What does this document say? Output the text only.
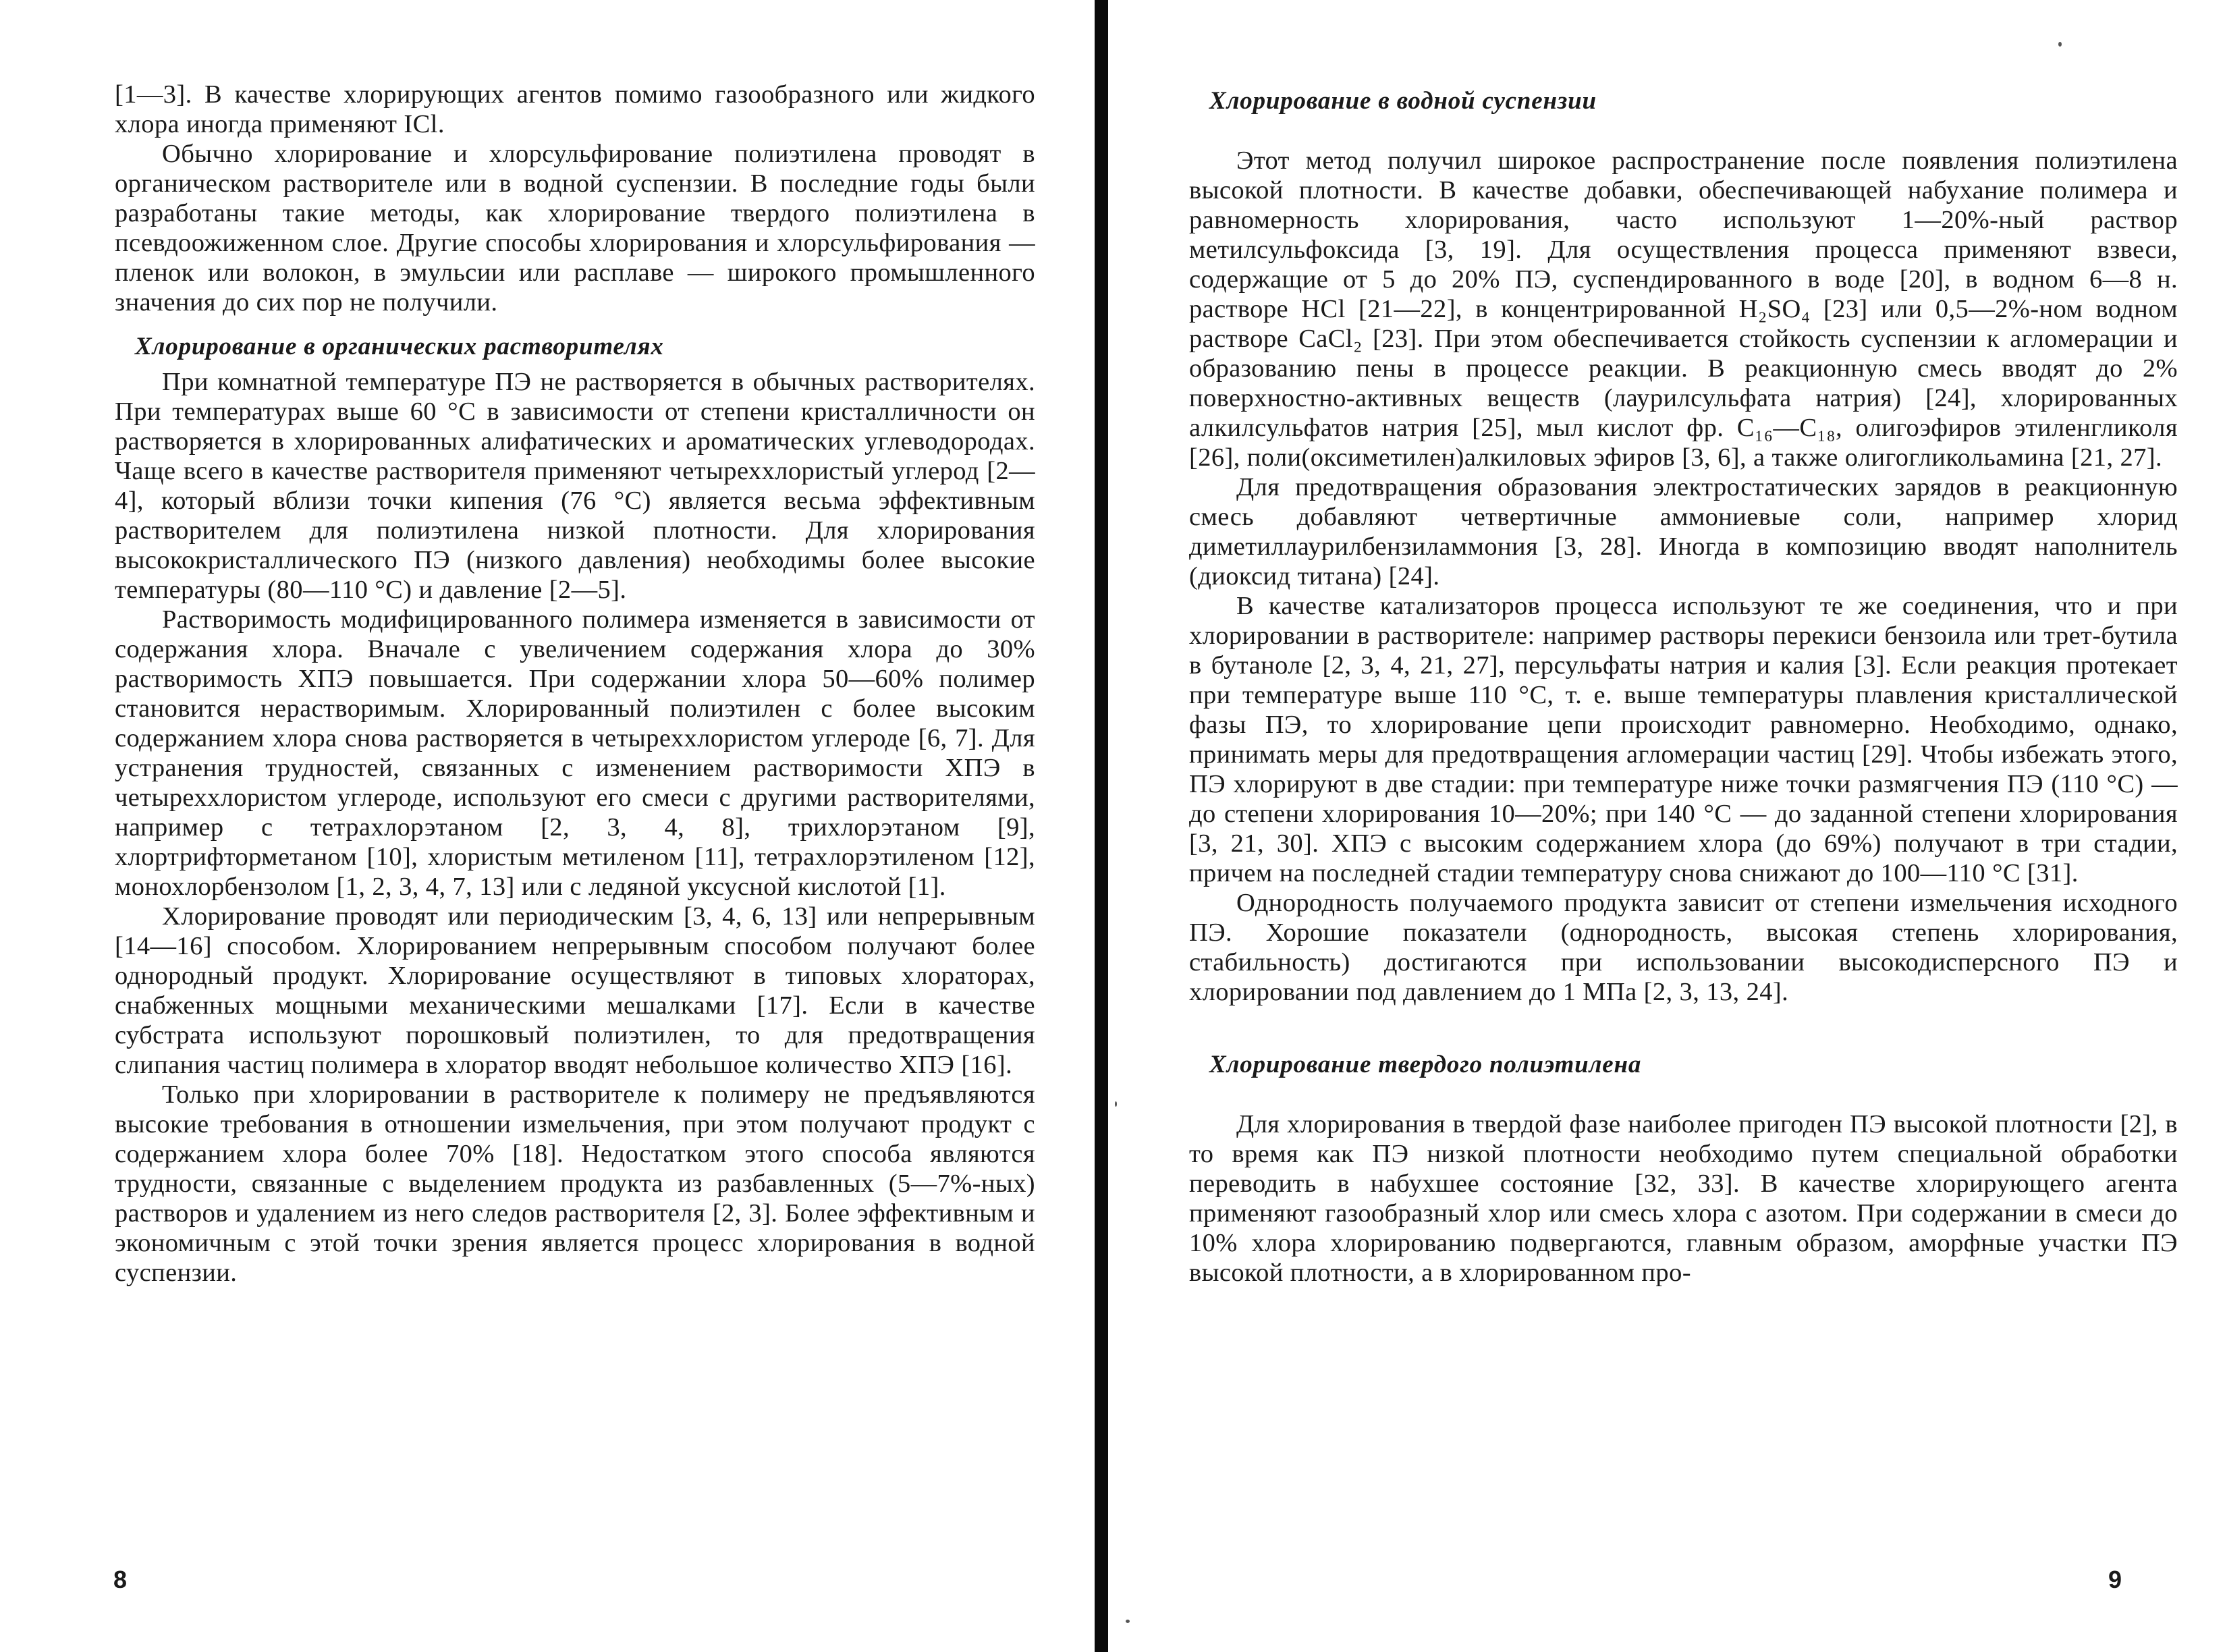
[1—3]. В качестве хлорирующих агентов помимо газообразного или жидкого хлора иногда применяют ICl.

Обычно хлорирование и хлорсульфирование полиэтилена проводят в органическом растворителе или в водной суспензии. В последние годы были разработаны такие методы, как хлорирование твердого полиэтилена в псевдоожиженном слое. Другие способы хлорирования и хлорсульфирования — пленок или волокон, в эмульсии или расплаве — широкого промышленного значения до сих пор не получили.

Хлорирование в органических растворителях

При комнатной температуре ПЭ не растворяется в обычных растворителях. При температурах выше 60 °C в зависимости от степени кристалличности он растворяется в хлорированных алифатических и ароматических углеводородах. Чаще всего в качестве растворителя применяют четыреххлористый углерод [2—4], который вблизи точки кипения (76 °C) является весьма эффективным растворителем для полиэтилена низкой плотности. Для хлорирования высококристаллического ПЭ (низкого давления) необходимы более высокие температуры (80—110 °C) и давление [2—5].

Растворимость модифицированного полимера изменяется в зависимости от содержания хлора. Вначале с увеличением содержания хлора до 30% растворимость ХПЭ повышается. При содержании хлора 50—60% полимер становится нерастворимым. Хлорированный полиэтилен с более высоким содержанием хлора снова растворяется в четыреххлористом углероде [6, 7]. Для устранения трудностей, связанных с изменением растворимости ХПЭ в четыреххлористом углероде, используют его смеси с другими растворителями, например с тетрахлорэтаном [2, 3, 4, 8], трихлорэтаном [9], хлортрифторметаном [10], хлористым метиленом [11], тетрахлорэтиленом [12], монохлорбензолом [1, 2, 3, 4, 7, 13] или с ледяной уксусной кислотой [1].

Хлорирование проводят или периодическим [3, 4, 6, 13] или непрерывным [14—16] способом. Хлорированием непрерывным способом получают более однородный продукт. Хлорирование осуществляют в типовых хлораторах, снабженных мощными механическими мешалками [17]. Если в качестве субстрата используют порошковый полиэтилен, то для предотвращения слипания частиц полимера в хлоратор вводят небольшое количество ХПЭ [16].

Только при хлорировании в растворителе к полимеру не предъявляются высокие требования в отношении измельчения, при этом получают продукт с содержанием хлора более 70% [18]. Недостатком этого способа являются трудности, связанные с выделением продукта из разбавленных (5—7%-ных) растворов и удалением из него следов растворителя [2, 3]. Более эффективным и экономичным с этой точки зрения является процесс хлорирования в водной суспензии.

8
Хлорирование в водной суспензии

Этот метод получил широкое распространение после появления полиэтилена высокой плотности. В качестве добавки, обеспечивающей набухание полимера и равномерность хлорирования, часто используют 1—20%-ный раствор метилсульфоксида [3, 19]. Для осуществления процесса применяют взвеси, содержащие от 5 до 20% ПЭ, суспендированного в воде [20], в водном 6—8 н. растворе HCl [21—22], в концентрированной H₂SO₄ [23] или 0,5—2%-ном водном растворе CaCl₂ [23]. При этом обеспечивается стойкость суспензии к агломерации и образованию пены в процессе реакции. В реакционную смесь вводят до 2% поверхностно-активных веществ (лаурилсульфата натрия) [24], хлорированных алкилсульфатов натрия [25], мыл кислот фр. C₁₆—C₁₈, олигоэфиров этиленгликоля [26], поли(оксиметилен)алкиловых эфиров [3, 6], а также олигогликольамина [21, 27].

Для предотвращения образования электростатических зарядов в реакционную смесь добавляют четвертичные аммониевые соли, например хлорид диметиллаурилбензиламмония [3, 28]. Иногда в композицию вводят наполнитель (диоксид титана) [24].

В качестве катализаторов процесса используют те же соединения, что и при хлорировании в растворителе: например растворы перекиси бензоила или трет-бутила в бутаноле [2, 3, 4, 21, 27], персульфаты натрия и калия [3]. Если реакция протекает при температуре выше 110 °C, т. е. выше температуры плавления кристаллической фазы ПЭ, то хлорирование цепи происходит равномерно. Необходимо, однако, принимать меры для предотвращения агломерации частиц [29]. Чтобы избежать этого, ПЭ хлорируют в две стадии: при температуре ниже точки размягчения ПЭ (110 °C) — до степени хлорирования 10—20%; при 140 °C — до заданной степени хлорирования [3, 21, 30]. ХПЭ с высоким содержанием хлора (до 69%) получают в три стадии, причем на последней стадии температуру снова снижают до 100—110 °C [31].

Однородность получаемого продукта зависит от степени измельчения исходного ПЭ. Хорошие показатели (однородность, высокая степень хлорирования, стабильность) достигаются при использовании высокодисперсного ПЭ и хлорировании под давлением до 1 МПа [2, 3, 13, 24].

Хлорирование твердого полиэтилена

Для хлорирования в твердой фазе наиболее пригоден ПЭ высокой плотности [2], в то время как ПЭ низкой плотности необходимо путем специальной обработки переводить в набухшее состояние [32, 33]. В качестве хлорирующего агента применяют газообразный хлор или смесь хлора с азотом. При содержании в смеси до 10% хлора хлорированию подвергаются, главным образом, аморфные участки ПЭ высокой плотности, а в хлорированном про-

9
